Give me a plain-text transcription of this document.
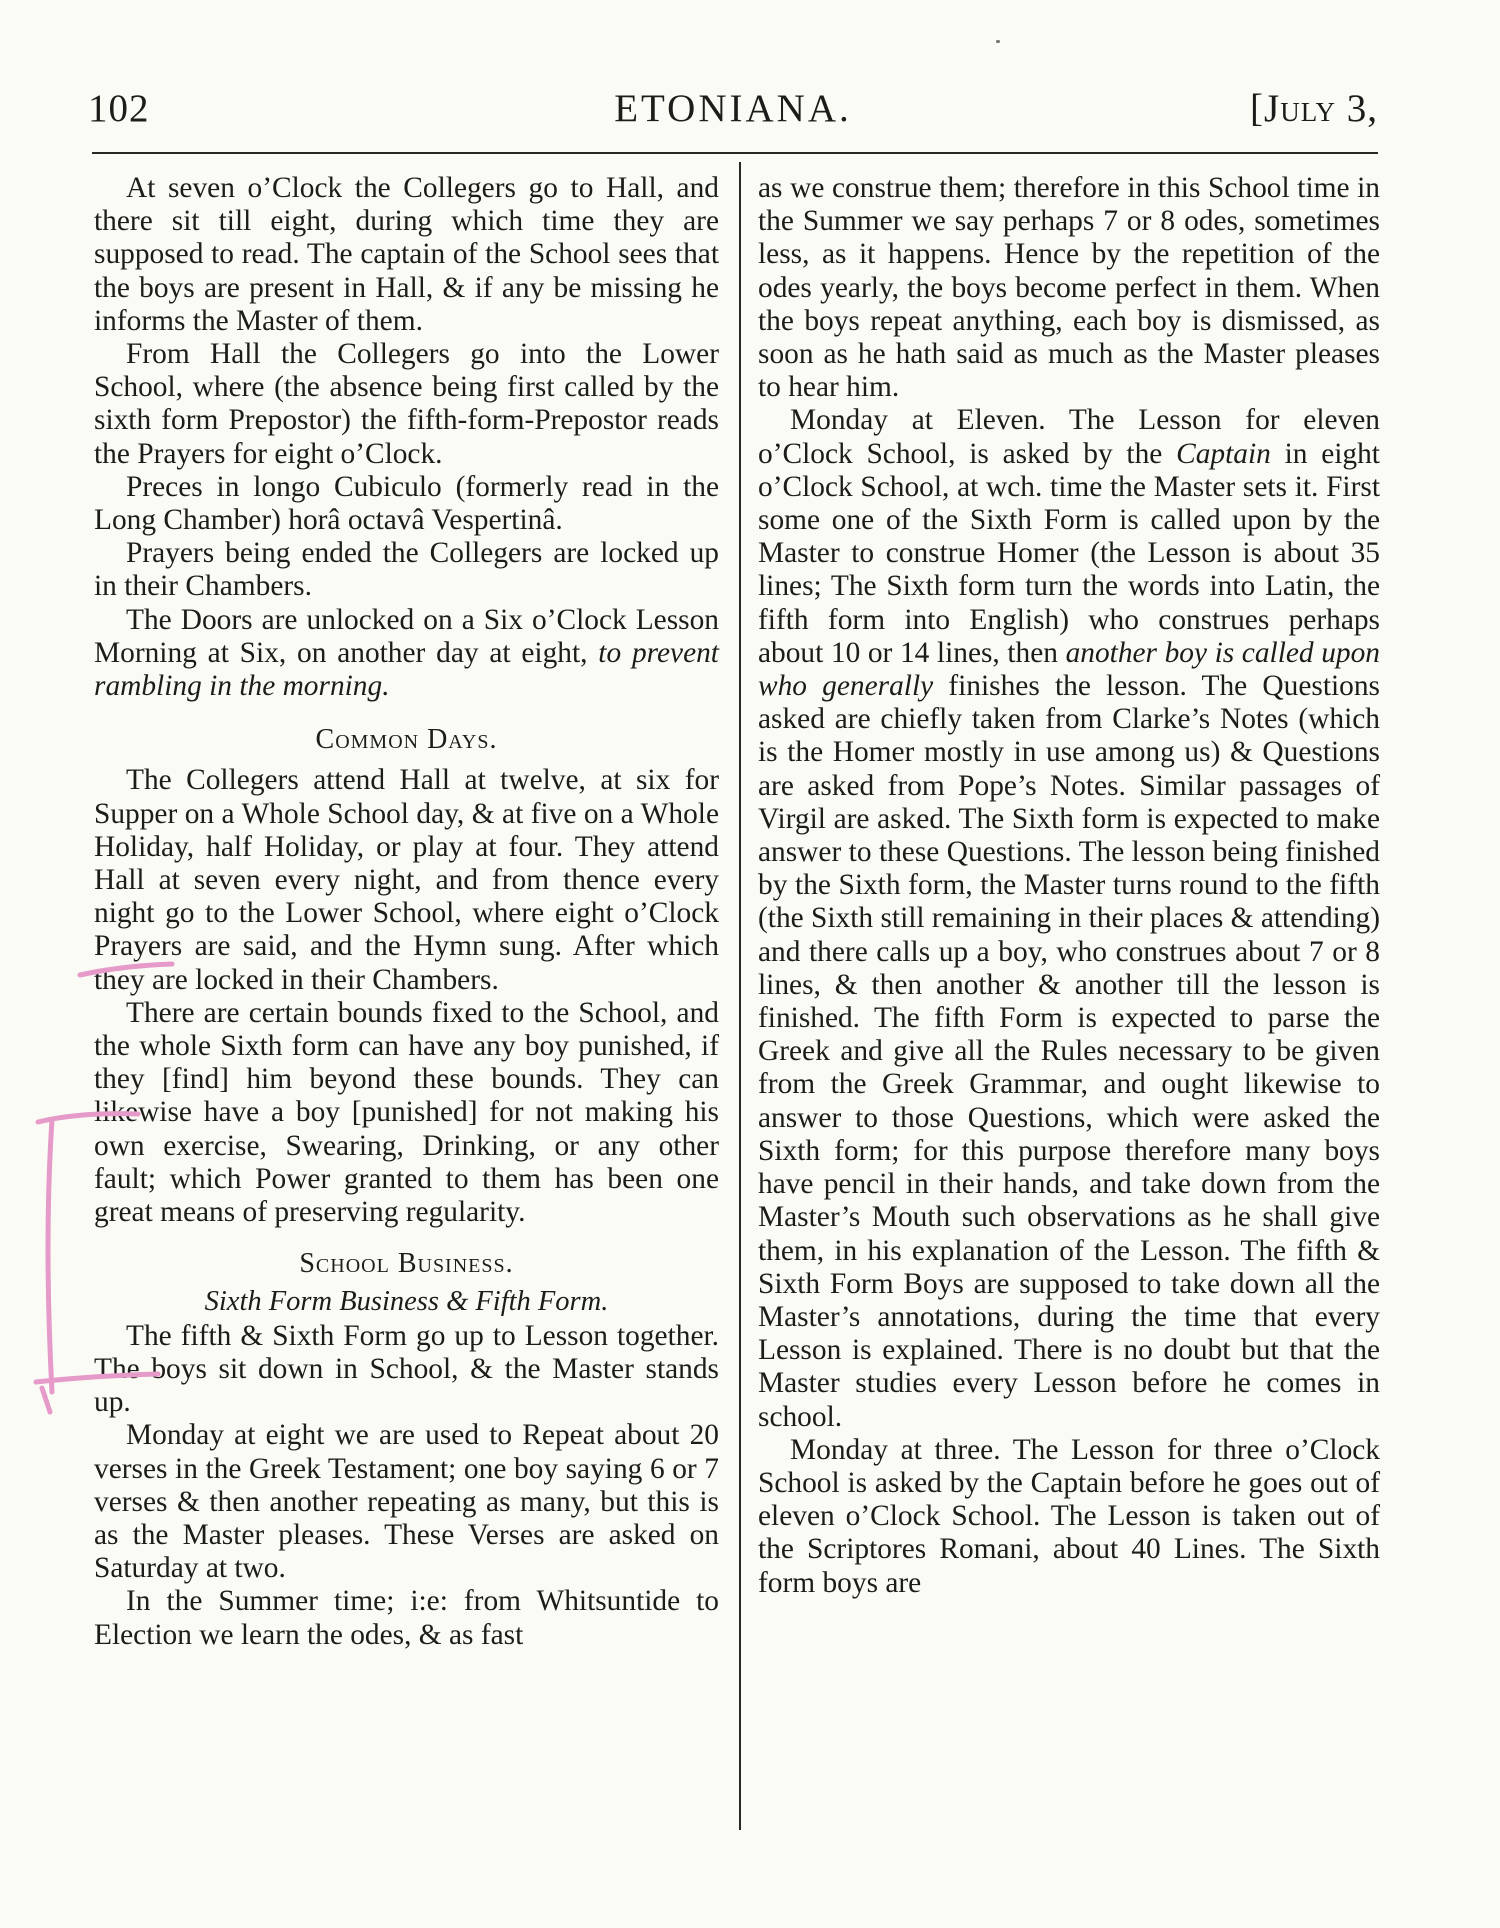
102	ETONIANA.	[July 3,

At seven o’Clock the Collegers go to Hall, and there sit till eight, during which time they are supposed to read. The captain of the School sees that the boys are present in Hall, & if any be missing he informs the Master of them.

From Hall the Collegers go into the Lower School, where (the absence being first called by the sixth form Prepostor) the fifth-form-Prepostor reads the Prayers for eight o’Clock.

Preces in longo Cubiculo (formerly read in the Long Chamber) horâ octavâ Vespertinâ.

Prayers being ended the Collegers are locked up in their Chambers.

The Doors are unlocked on a Six o’Clock Lesson Morning at Six, on another day at eight, to prevent rambling in the morning.

Common Days.

The Collegers attend Hall at twelve, at six for Supper on a Whole School day, & at five on a Whole Holiday, half Holiday, or play at four. They attend Hall at seven every night, and from thence every night go to the Lower School, where eight o’Clock Prayers are said, and the Hymn sung. After which they are locked in their Chambers.

There are certain bounds fixed to the School, and the whole Sixth form can have any boy punished, if they [find] him beyond these bounds. They can likewise have a boy [punished] for not making his own exercise, Swearing, Drinking, or any other fault; which Power granted to them has been one great means of preserving regularity.

School Business.
Sixth Form Business & Fifth Form.

The fifth & Sixth Form go up to Lesson together. The boys sit down in School, & the Master stands up.

Monday at eight we are used to Repeat about 20 verses in the Greek Testament; one boy saying 6 or 7 verses & then another repeating as many, but this is as the Master pleases. These Verses are asked on Saturday at two.

In the Summer time; i:e: from Whitsuntide to Election we learn the odes, & as fast

as we construe them; therefore in this School time in the Summer we say perhaps 7 or 8 odes, sometimes less, as it happens. Hence by the repetition of the odes yearly, the boys become perfect in them. When the boys repeat anything, each boy is dismissed, as soon as he hath said as much as the Master pleases to hear him.

Monday at Eleven. The Lesson for eleven o’Clock School, is asked by the Captain in eight o’Clock School, at wch. time the Master sets it. First some one of the Sixth Form is called upon by the Master to construe Homer (the Lesson is about 35 lines; The Sixth form turn the words into Latin, the fifth form into English) who construes perhaps about 10 or 14 lines, then another boy is called upon who generally finishes the lesson. The Questions asked are chiefly taken from Clarke’s Notes (which is the Homer mostly in use among us) & Questions are asked from Pope’s Notes. Similar passages of Virgil are asked. The Sixth form is expected to make answer to these Questions. The lesson being finished by the Sixth form, the Master turns round to the fifth (the Sixth still remaining in their places & attending) and there calls up a boy, who construes about 7 or 8 lines, & then another & another till the lesson is finished. The fifth Form is expected to parse the Greek and give all the Rules necessary to be given from the Greek Grammar, and ought likewise to answer to those Questions, which were asked the Sixth form; for this purpose therefore many boys have pencil in their hands, and take down from the Master’s Mouth such observations as he shall give them, in his explanation of the Lesson. The fifth & Sixth Form Boys are supposed to take down all the Master’s annotations, during the time that every Lesson is explained. There is no doubt but that the Master studies every Lesson before he comes in school.

Monday at three. The Lesson for three o’Clock School is asked by the Captain before he goes out of eleven o’Clock School. The Lesson is taken out of the Scriptores Romani, about 40 Lines. The Sixth form boys are
